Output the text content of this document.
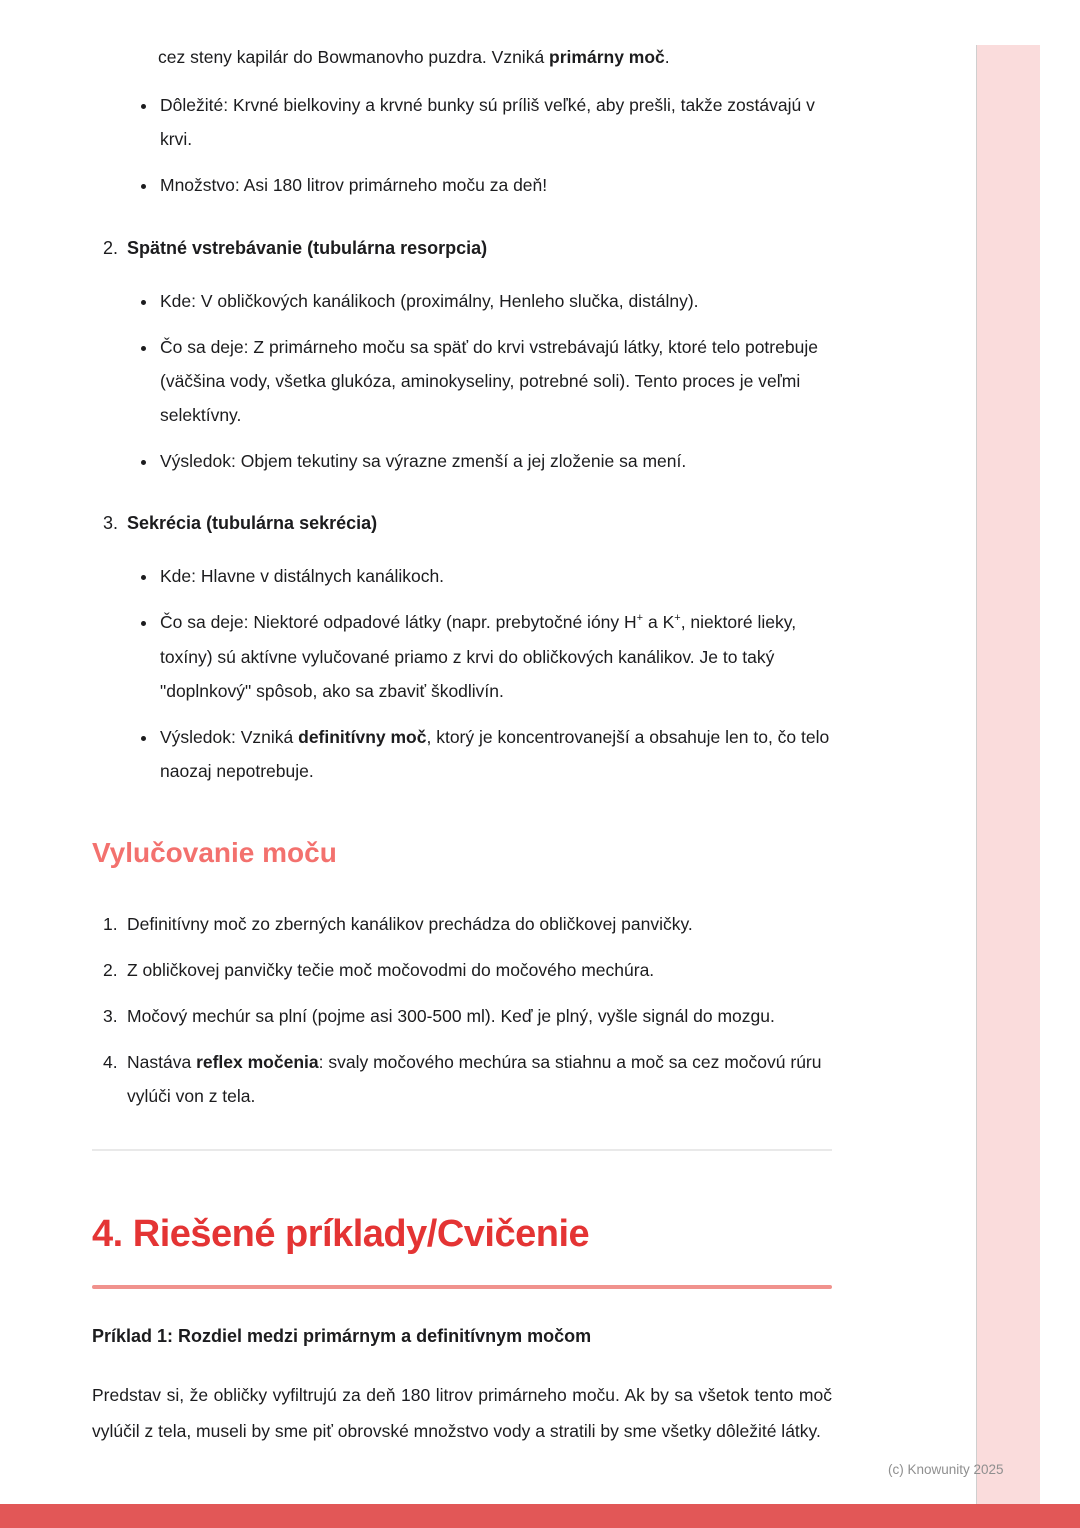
(c) Knowunity 2025

cez steny kapilár do Bowmanovho puzdra. Vzniká primárny moč.

• Dôležité: Krvné bielkoviny a krvné bunky sú príliš veľké, aby prešli, takže zostávajú v krvi.
• Množstvo: Asi 180 litrov primárneho moču za deň!
2. Spätné vstrebávanie (tubulárna resorpcia)
• Kde: V obličkových kanálikoch (proximálny, Henleho slučka, distálny).
• Čo sa deje: Z primárneho moču sa späť do krvi vstrebávajú látky, ktoré telo potrebuje (väčšina vody, všetka glukóza, aminokyseliny, potrebné soli). Tento proces je veľmi selektívny.
• Výsledok: Objem tekutiny sa výrazne zmenší a jej zloženie sa mení.
3. Sekrécia (tubulárna sekrécia)
• Kde: Hlavne v distálnych kanálikoch.
• Čo sa deje: Niektoré odpadové látky (napr. prebytočné ióny H+ a K+, niektoré lieky, toxíny) sú aktívne vylučované priamo z krvi do obličkových kanálikov. Je to taký "doplnkový" spôsob, ako sa zbaviť škodlivín.
• Výsledok: Vzniká definitívny moč, ktorý je koncentrovanejší a obsahuje len to, čo telo naozaj nepotrebuje.
Vylučovanie moču
1. Definitívny moč zo zberných kanálikov prechádza do obličkovej panvičky.
2. Z obličkovej panvičky tečie moč močovodmi do močového mechúra.
3. Močový mechúr sa plní (pojme asi 300-500 ml). Keď je plný, vyšle signál do mozgu.
4. Nastáva reflex močenia: svaly močového mechúra sa stiahnu a moč sa cez močovú rúru vylúči von z tela.
4. Riešené príklady/Cvičenie
Príklad 1: Rozdiel medzi primárnym a definitívnym močom

Predstav si, že obličky vyfiltrujú za deň 180 litrov primárneho moču. Ak by sa všetok tento moč vylúčil z tela, museli by sme piť obrovské množstvo vody a stratili by sme všetky dôležité látky.
